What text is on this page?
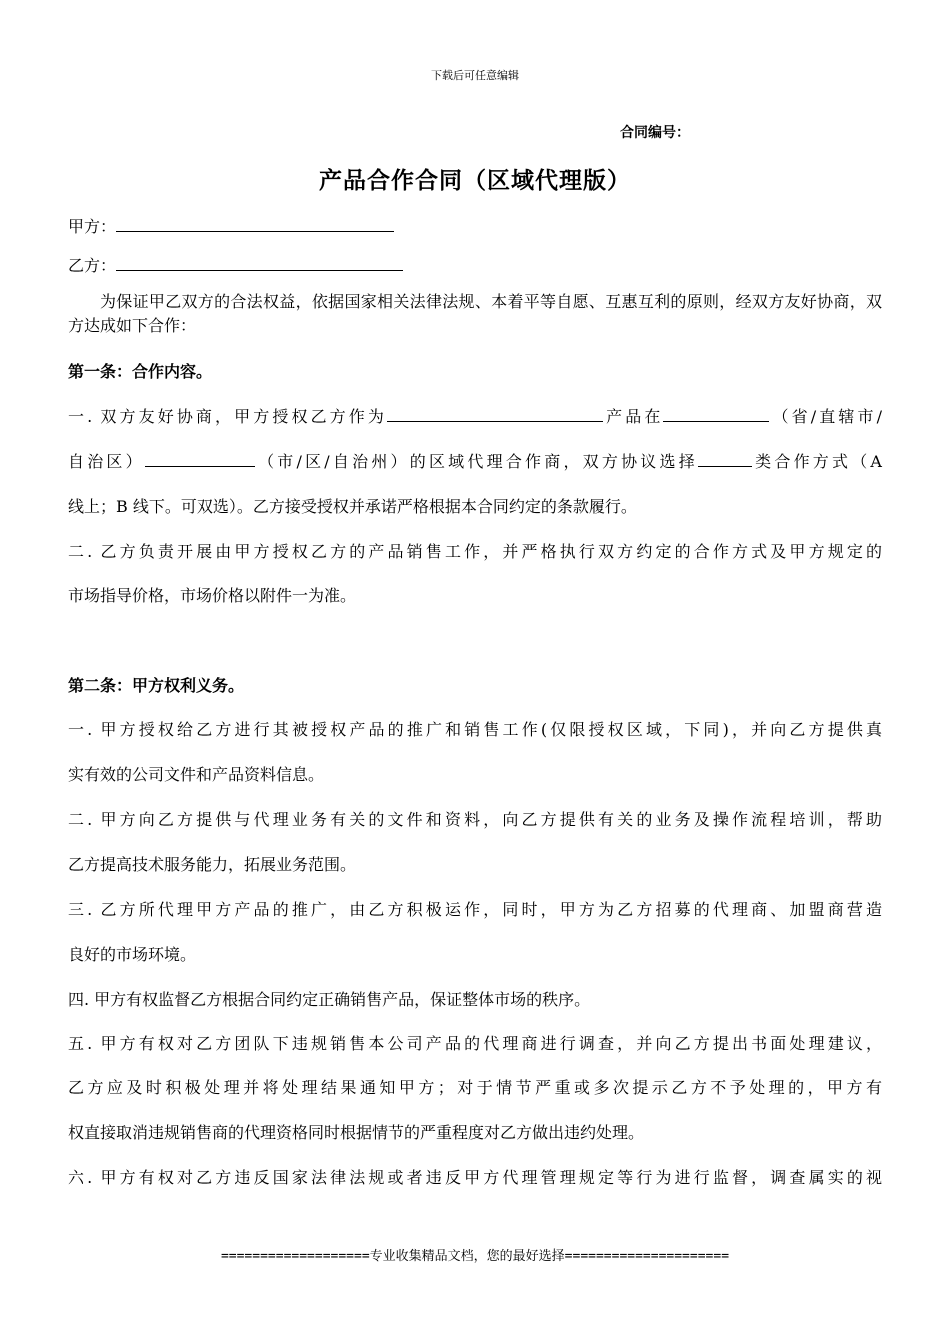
下载后可任意编辑
合同编号：
产品合作合同（区域代理版）
甲方：
乙方：
为保证甲乙双方的合法权益，依据国家相关法律法规、本着平等自愿、互惠互利的原则，经双方友好协商，双方达成如下合作：
第一条：合作内容。
一. 双方友好协商，甲方授权乙方作为	产品在	（省/直辖市/
自治区）	（市/区/自治州）的区域代理合作商，双方协议选择	类合作方式（A
线上；B 线下。可双选）。乙方接受授权并承诺严格根据本合同约定的条款履行。
二. 乙方负责开展由甲方授权乙方的产品销售工作，并严格执行双方约定的合作方式及甲方规定的
市场指导价格，市场价格以附件一为准。
第二条：甲方权利义务。
一. 甲方授权给乙方进行其被授权产品的推广和销售工作(仅限授权区域，下同)，并向乙方提供真
实有效的公司文件和产品资料信息。
二. 甲方向乙方提供与代理业务有关的文件和资料，向乙方提供有关的业务及操作流程培训，帮助
乙方提高技术服务能力，拓展业务范围。
三. 乙方所代理甲方产品的推广，由乙方积极运作，同时，甲方为乙方招募的代理商、加盟商营造
良好的市场环境。
四. 甲方有权监督乙方根据合同约定正确销售产品，保证整体市场的秩序。
五. 甲方有权对乙方团队下违规销售本公司产品的代理商进行调查，并向乙方提出书面处理建议，
乙方应及时积极处理并将处理结果通知甲方；对于情节严重或多次提示乙方不予处理的，甲方有
权直接取消违规销售商的代理资格同时根据情节的严重程度对乙方做出违约处理。
六. 甲方有权对乙方违反国家法律法规或者违反甲方代理管理规定等行为进行监督，调查属实的视
===================专业收集精品文档，您的最好选择=====================
